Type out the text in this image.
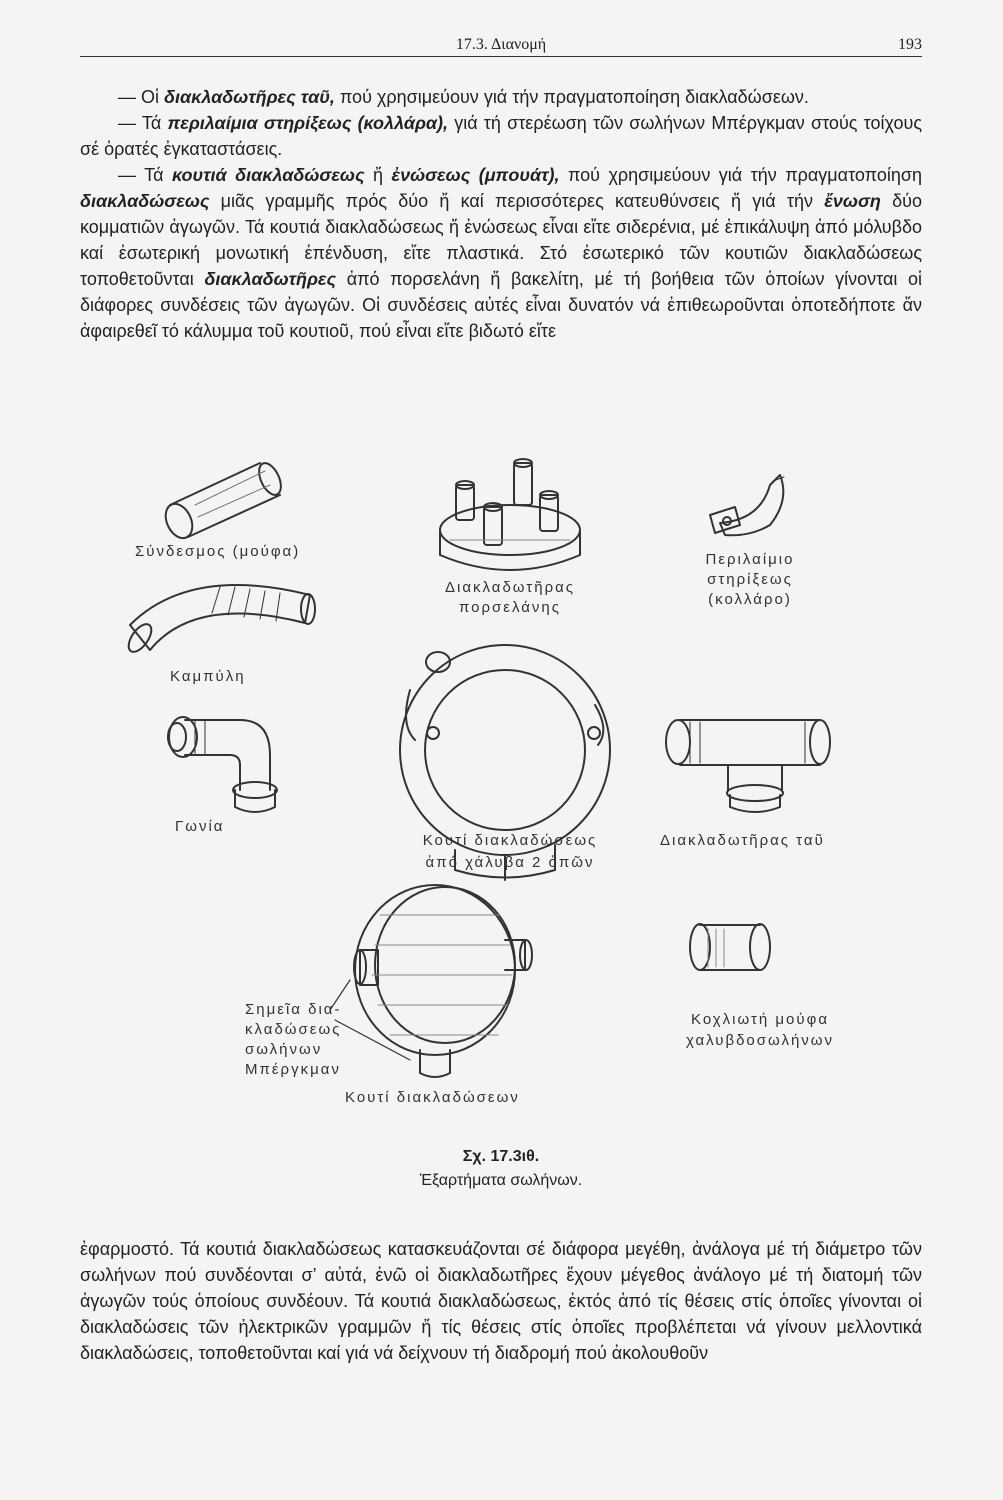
17.3. Διανομή	193

— Οἱ διακλαδωτῆρες ταῦ, πού χρησιμεύουν γιά τήν πραγματοποίηση διακλαδώσεων.

— Τά περιλαίμια στηρίξεως (κολλάρα), γιά τή στερέωση τῶν σωλήνων Μπέργκμαν στούς τοίχους σέ ὁρατές ἐγκαταστάσεις.

— Τά κουτιά διακλαδώσεως ἤ ἐνώσεως (μπουάτ), πού χρησιμεύουν γιά τήν πραγματοποίηση διακλαδώσεως μιᾶς γραμμῆς πρός δύο ἤ καί περισσότερες κατευθύνσεις ἤ γιά τήν ἔνωση δύο κομματιῶν ἀγωγῶν. Τά κουτιά διακλαδώσεως ἤ ἐνώσεως εἶναι εἴτε σιδερένια, μέ ἐπικάλυψη ἀπό μόλυβδο καί ἐσωτερική μονωτική ἐπένδυση, εἴτε πλαστικά. Στό ἐσωτερικό τῶν κουτιῶν διακλαδώσεως τοποθετοῦνται διακλαδωτῆρες ἀπό πορσελάνη ἤ βακελίτη, μέ τή βοήθεια τῶν ὁποίων γίνονται οἱ διάφορες συνδέσεις τῶν ἀγωγῶν. Οἱ συνδέσεις αὐτές εἶναι δυνατόν νά ἐπιθεωροῦνται ὁποτεδήποτε ἄν ἀφαιρεθεῖ τό κάλυμμα τοῦ κουτιοῦ, πού εἶναι εἴτε βιδωτό εἴτε

Σύνδεσμος (μούφα)
Διακλαδωτῆρας
πορσελάνης
Περιλαίμιο
στηρίξεως
(κολλάρο)
Καμπύλη
Γωνία
Κουτί διακλαδώσεως
ἀπό χάλυβα 2 ὀπῶν
Διακλαδωτῆρας ταῦ
Σημεῖα δια-
κλαδώσεως
σωλήνων
Μπέργκμαν
Κοχλιωτή μούφα
χαλυβδοσωλήνων
Κουτί διακλαδώσεων
Σχ. 17.3ιθ.
Ἐξαρτήματα σωλήνων.

ἐφαρμοστό. Τά κουτιά διακλαδώσεως κατασκευάζονται σέ διάφορα μεγέθη, ἀνάλογα μέ τή διάμετρο τῶν σωλήνων πού συνδέονται σ’ αὐτά, ἐνῶ οἱ διακλαδωτῆρες ἔχουν μέγεθος ἀνάλογο μέ τή διατομή τῶν ἀγωγῶν τούς ὁποίους συνδέουν. Τά κουτιά διακλαδώσεως, ἐκτός ἀπό τίς θέσεις στίς ὁποῖες γίνονται οἱ διακλαδώσεις τῶν ἠλεκτρικῶν γραμμῶν ἤ τίς θέσεις στίς ὁποῖες προβλέπεται νά γίνουν μελλοντικά διακλαδώσεις, τοποθετοῦνται καί γιά νά δείχνουν τή διαδρομή πού ἀκολουθοῦν
